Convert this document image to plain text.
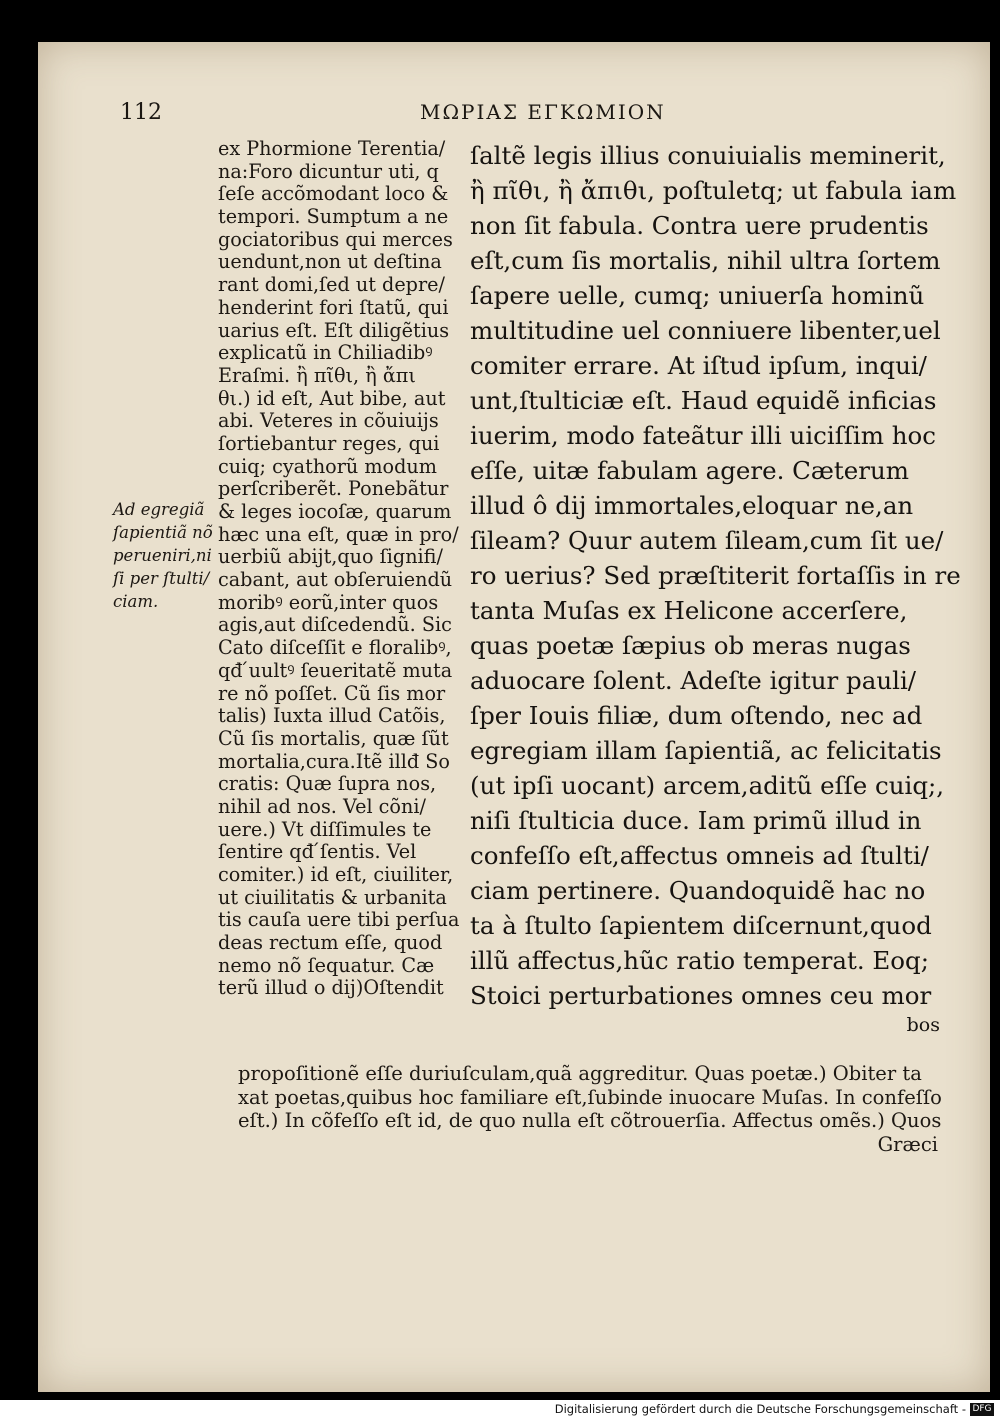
112	ΜΩΡΙΑΣ ΕΓΚΩΜΙΟΝ
Ad egregiã
ſapientiã nõ
perueniri,ni
ſi per ſtulti/
ciam.
ex Phormione Terentia/
na:Foro dicuntur uti, q
ſeſe accõmodant loco &
tempori. Sumptum a ne
gociatoribus qui merces
uendunt,non ut deſtina
rant domi,ſed ut depre/
henderint fori ſtatũ, qui
uarius eſt. Eſt diligẽtius
explicatũ in Chiliadibꝰ
Eraſmi. ἢ πῖθι, ἢ ἄπι
θι.) id eſt, Aut bibe, aut
abi. Veteres in cõuiuijs
ſortiebantur reges, qui
cuiq; cyathorũ modum
perſcriberẽt. Ponebãtur
& leges iocoſæ, quarum
hæc una eſt, quæ in pro/
uerbiũ abijt,quo ſignifi/
cabant, aut obſeruiendũ
moribꝰ eorũ,inter quos
agis,aut diſcedendũ. Sic
Cato diſceſſit e floralibꝰ,
qđ ́uultꝰ ſeueritatẽ muta
re nõ poſſet. Cũ ſis mor
talis) Iuxta illud Catõis,
Cũ ſis mortalis, quæ ſũt
mortalia,cura.Itẽ illđ So
cratis: Quæ ſupra nos,
nihil ad nos. Vel cõni/
uere.) Vt diſſimules te
ſentire qđ ́ſentis. Vel
comiter.) id eſt, ciuiliter,
ut ciuilitatis & urbanita
tis cauſa uere tibi perſua
deas rectum eſſe, quod
nemo nõ ſequatur. Cæ
terũ illud o dij)Oſtendit
ſaltẽ legis illius conuiuialis meminerit,
ἢ πῖθι, ἢ ἄπιθι, poſtuletq; ut fabula iam
non ſit fabula. Contra uere prudentis
eſt,cum ſis mortalis, nihil ultra ſortem
ſapere uelle, cumq; uniuerſa hominũ
multitudine uel conniuere libenter,uel
comiter errare. At iſtud ipſum, inqui/
unt,ſtulticiæ eſt. Haud equidẽ inficias
iuerim, modo fateãtur illi uiciſſim hoc
eſſe, uitæ fabulam agere. Cæterum
illud ô dij immortales,eloquar ne,an
ſileam? Quur autem ſileam,cum ſit ue/
ro uerius? Sed præſtiterit fortaſſis in re
tanta Muſas ex Helicone accerſere,
quas poetæ ſæpius ob meras nugas
aduocare ſolent. Adeſte igitur pauli/
ſper Iouis filiæ, dum oſtendo, nec ad
egregiam illam ſapientiã, ac felicitatis
(ut ipſi uocant) arcem,aditũ eſſe cuiq;,
niſi ſtulticia duce. Iam primũ illud in
confeſſo eſt,affectus omneis ad ſtulti/
ciam pertinere. Quandoquidẽ hac no
ta à ſtulto ſapientem diſcernunt,quod
illũ affectus,hũc ratio temperat. Eoq;
Stoici perturbationes omnes ceu mor
bos
propoſitionẽ eſſe duriuſculam,quã aggreditur. Quas poetæ.) Obiter ta
xat poetas,quibus hoc familiare eſt,ſubinde inuocare Muſas. In confeſſo
eſt.) In cõfeſſo eſt id, de quo nulla eſt cõtrouerſia. Affectus omẽs.) Quos
Græci
Digitalisierung gefördert durch die Deutsche Forschungsgemeinschaft - DFG
